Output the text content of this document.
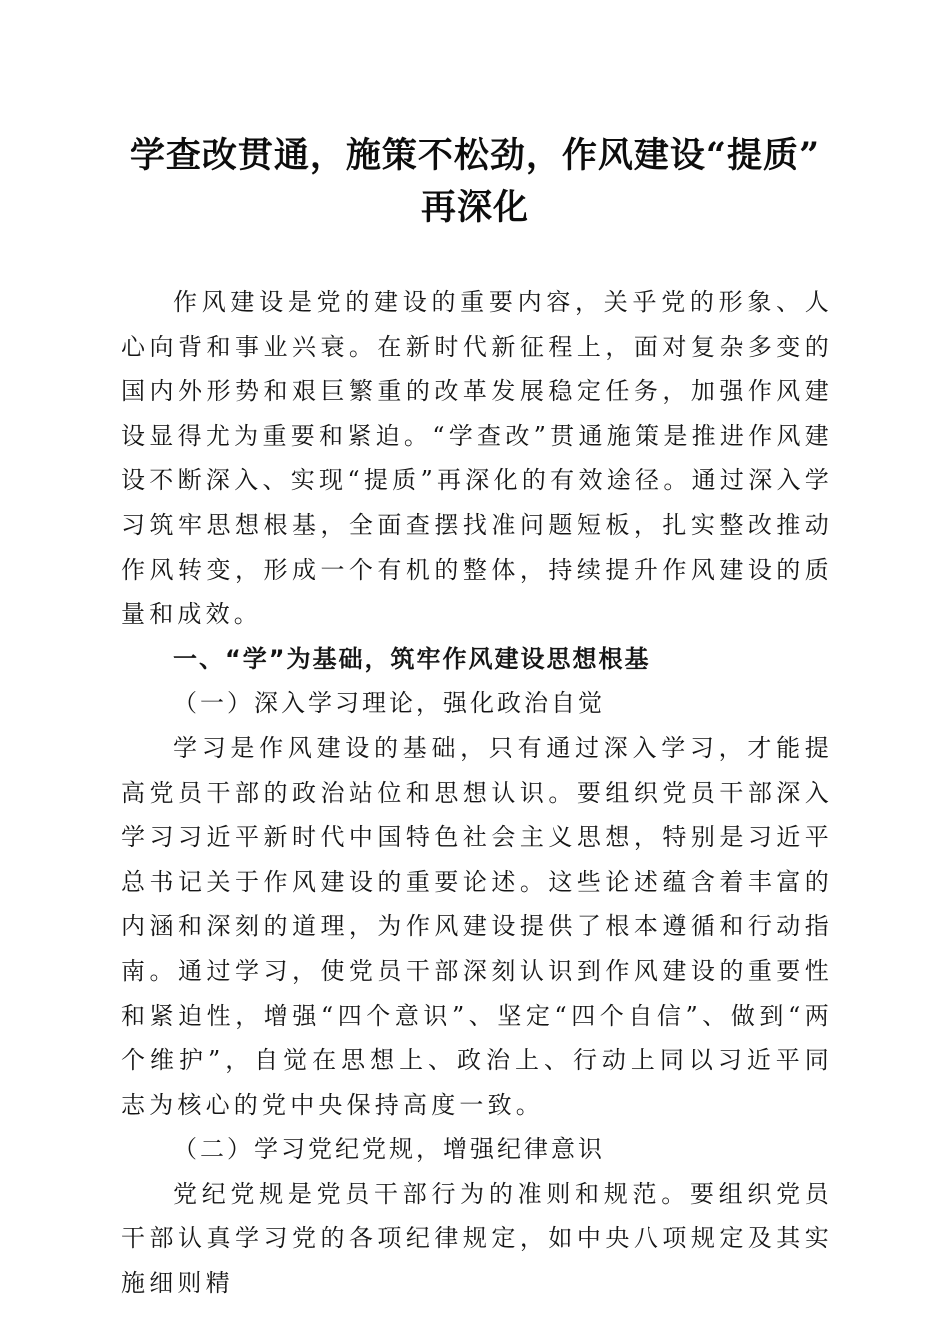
学查改贯通，施策不松劲，作风建设“提质”
再深化

作风建设是党的建设的重要内容，关乎党的形象、人心向背和事业兴衰。在新时代新征程上，面对复杂多变的国内外形势和艰巨繁重的改革发展稳定任务，加强作风建设显得尤为重要和紧迫。“学查改”贯通施策是推进作风建设不断深入、实现“提质”再深化的有效途径。通过深入学习筑牢思想根基，全面查摆找准问题短板，扎实整改推动作风转变，形成一个有机的整体，持续提升作风建设的质量和成效。

一、“学”为基础，筑牢作风建设思想根基

（一）深入学习理论，强化政治自觉

学习是作风建设的基础，只有通过深入学习，才能提高党员干部的政治站位和思想认识。要组织党员干部深入学习习近平新时代中国特色社会主义思想，特别是习近平总书记关于作风建设的重要论述。这些论述蕴含着丰富的内涵和深刻的道理，为作风建设提供了根本遵循和行动指南。通过学习，使党员干部深刻认识到作风建设的重要性和紧迫性，增强“四个意识”、坚定“四个自信”、做到“两个维护”，自觉在思想上、政治上、行动上同以习近平同志为核心的党中央保持高度一致。

（二）学习党纪党规，增强纪律意识

党纪党规是党员干部行为的准则和规范。要组织党员干部认真学习党的各项纪律规定，如中央八项规定及其实施细则精
